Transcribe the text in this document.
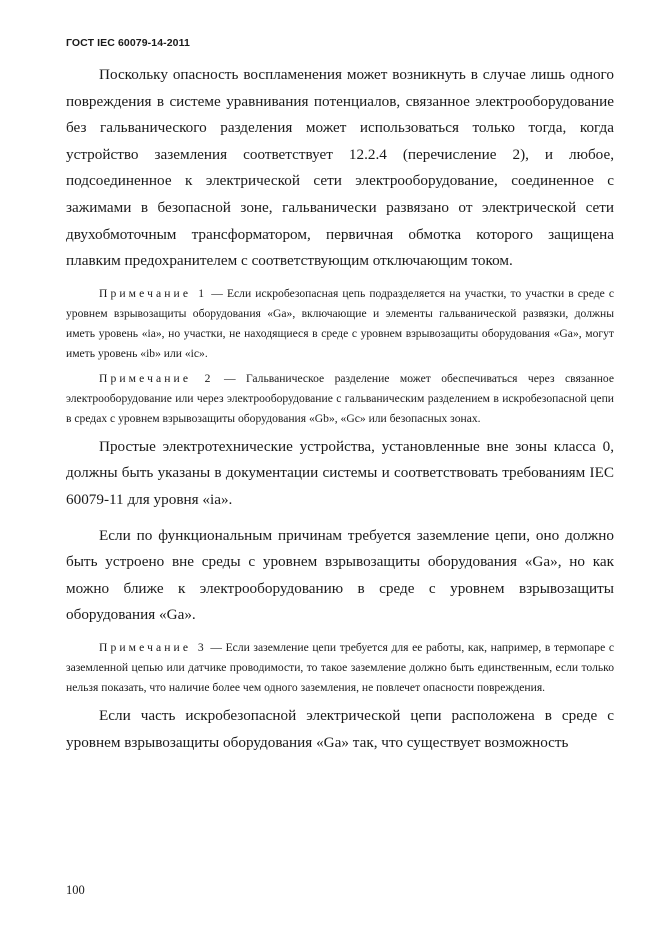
ГОСТ IEC 60079-14-2011

Поскольку опасность воспламенения может возникнуть в случае лишь одного повреждения в системе уравнивания потенциалов, связанное электрооборудование без гальванического разделения может использоваться только тогда, когда устройство заземления соответствует 12.2.4 (перечисление 2), и любое, подсоединенное к электрической сети электрооборудование, соединенное с зажимами в безопасной зоне, гальванически развязано от электрической сети двухобмоточным трансформатором, первичная обмотка которого защищена плавким предохранителем с соответствующим отключающим током.

Примечание 1 — Если искробезопасная цепь подразделяется на участки, то участки в среде с уровнем взрывозащиты оборудования «Ga», включающие и элементы гальванической развязки, должны иметь уровень «ia», но участки, не находящиеся в среде с уровнем взрывозащиты оборудования «Ga», могут иметь уровень «ib» или «ic».

Примечание 2 — Гальваническое разделение может обеспечиваться через связанное электрооборудование или через электрооборудование с гальваническим разделением в искробезопасной цепи в средах с уровнем взрывозащиты оборудования «Gb», «Gc» или безопасных зонах.

Простые электротехнические устройства, установленные вне зоны класса 0, должны быть указаны в документации системы и соответствовать требованиям IEC 60079-11 для уровня «ia».

Если по функциональным причинам требуется заземление цепи, оно должно быть устроено вне среды с уровнем взрывозащиты оборудования «Ga», но как можно ближе к электрооборудованию в среде с уровнем взрывозащиты оборудования «Ga».

Примечание 3 — Если заземление цепи требуется для ее работы, как, например, в термопаре с заземленной цепью или датчике проводимости, то такое заземление должно быть единственным, если только нельзя показать, что наличие более чем одного заземления, не повлечет опасности повреждения.

Если часть искробезопасной электрической цепи расположена в среде с уровнем взрывозащиты оборудования «Ga» так, что существует возможность

100
